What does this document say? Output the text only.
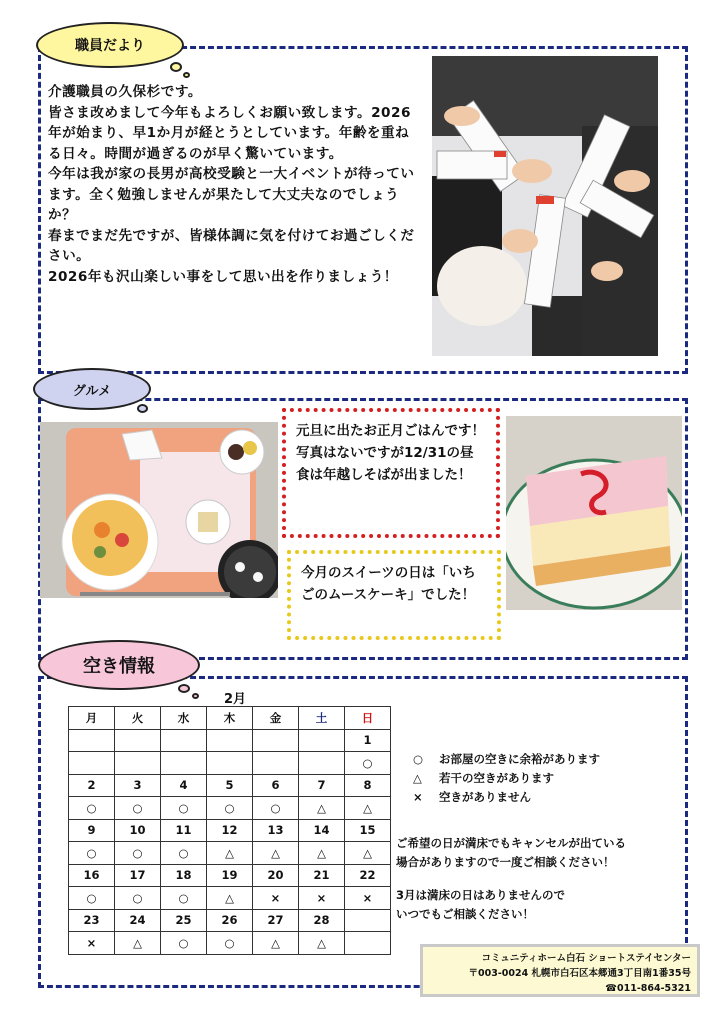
職員だより

介護職員の久保杉です。

皆さま改めまして今年もよろしくお願い致します。2026年が始まり、早1か月が経とうとしています。年齢を重ねる日々。時間が過ぎるのが早く驚いています。

今年は我が家の長男が高校受験と一大イベントが待っています。全く勉強しませんが果たして大丈夫なのでしょうか？

春までまだ先ですが、皆様体調に気を付けてお過ごしください。

2026年も沢山楽しい事をして思い出を作りましょう！

グルメ
元旦に出たお正月ごはんです！写真はないですが12/31の昼食は年越しそばが出ました！
今月のスイーツの日は「いちごのムースケーキ」でした！
空き情報
2月
月	火	水	木	金	土	日
						1
						○
2	3	4	5	6	7	8
○	○	○	○	○	△	△
9	10	11	12	13	14	15
○	○	○	△	△	△	△
16	17	18	19	20	21	22
○	○	○	△	×	×	×
23	24	25	26	27	28	
×	△	○	○	△	△	
○ お部屋の空きに余裕があります
△ 若干の空きがあります
× 空きがありません
ご希望の日が満床でもキャンセルが出ている
場合がありますので一度ご相談ください！
3月は満床の日はありませんので
いつでもご相談ください！
コミュニティホーム白石 ショートステイセンター
〒003-0024 札幌市白石区本郷通3丁目南1番35号
☎011-864-5321
